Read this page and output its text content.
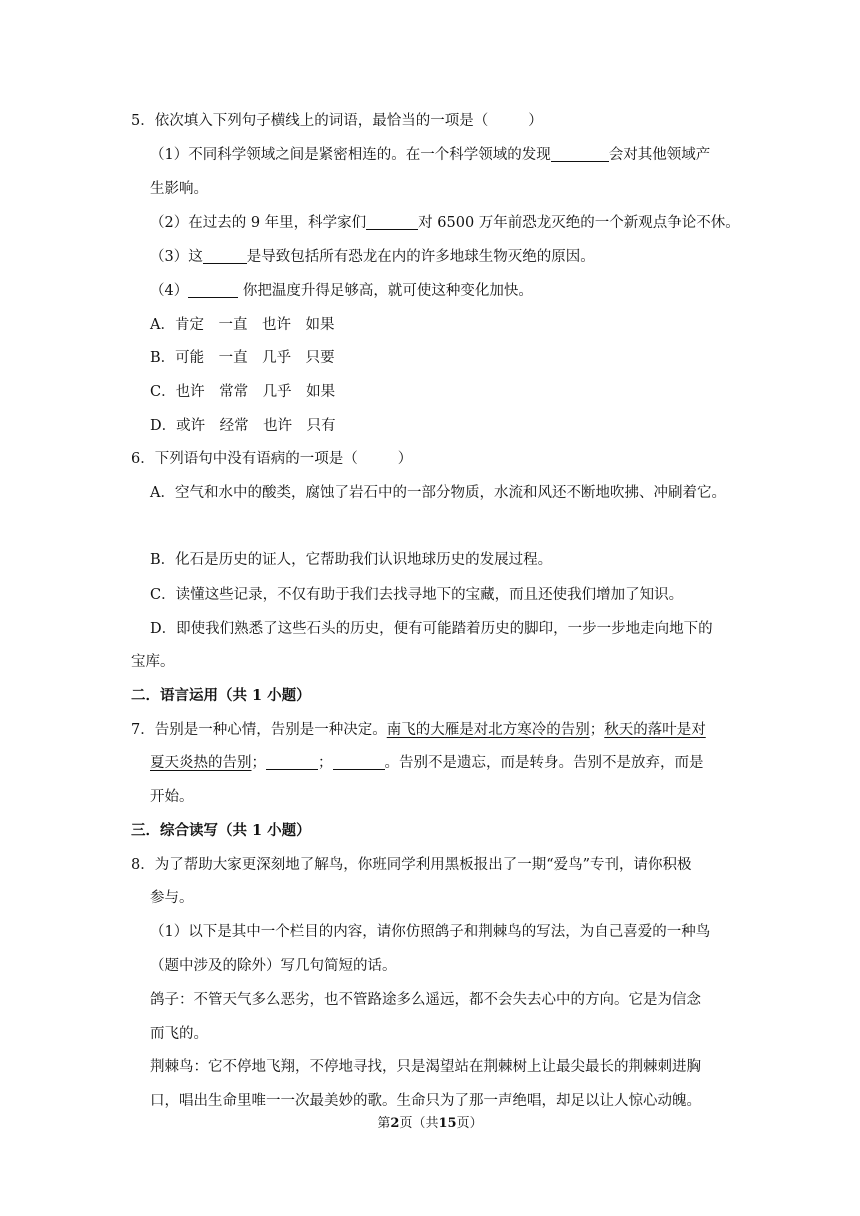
5．依次填入下列句子横线上的词语，最恰当的一项是（	）
（1）不同科学领域之间是紧密相连的。在一个科学领域的发现	会对其他领域产
生影响。
（2）在过去的 9 年里，科学家们	对 6500 万年前恐龙灭绝的一个新观点争论不休。
（3）这	是导致包括所有恐龙在内的许多地球生物灭绝的原因。
（4）	你把温度升得足够高，就可使这种变化加快。
A．肯定　一直　也许　如果
B．可能　一直　几乎　只要
C．也许　常常　几乎　如果
D．或许　经常　也许　只有
6．下列语句中没有语病的一项是（	）
A．空气和水中的酸类，腐蚀了岩石中的一部分物质，水流和风还不断地吹拂、冲刷着它。
B．化石是历史的证人，它帮助我们认识地球历史的发展过程。
C．读懂这些记录，不仅有助于我们去找寻地下的宝藏，而且还使我们增加了知识。
D．即使我们熟悉了这些石头的历史，便有可能踏着历史的脚印，一步一步地走向地下的
宝库。
二．语言运用（共 1 小题）
7．告别是一种心情，告别是一种决定。南飞的大雁是对北方寒冷的告别；秋天的落叶是对
夏天炎热的告别；	；	。告别不是遗忘，而是转身。告别不是放弃，而是
开始。
三．综合读写（共 1 小题）
8．为了帮助大家更深刻地了解鸟，你班同学利用黑板报出了一期“爱鸟”专刊，请你积极
参与。
（1）以下是其中一个栏目的内容，请你仿照鸽子和荆棘鸟的写法，为自己喜爱的一种鸟
（题中涉及的除外）写几句简短的话。
鸽子：不管天气多么恶劣，也不管路途多么遥远，都不会失去心中的方向。它是为信念
而飞的。
荆棘鸟：它不停地飞翔，不停地寻找，只是渴望站在荆棘树上让最尖最长的荆棘刺进胸
口，唱出生命里唯一一次最美妙的歌。生命只为了那一声绝唱，却足以让人惊心动魄。
第2页（共15页）
